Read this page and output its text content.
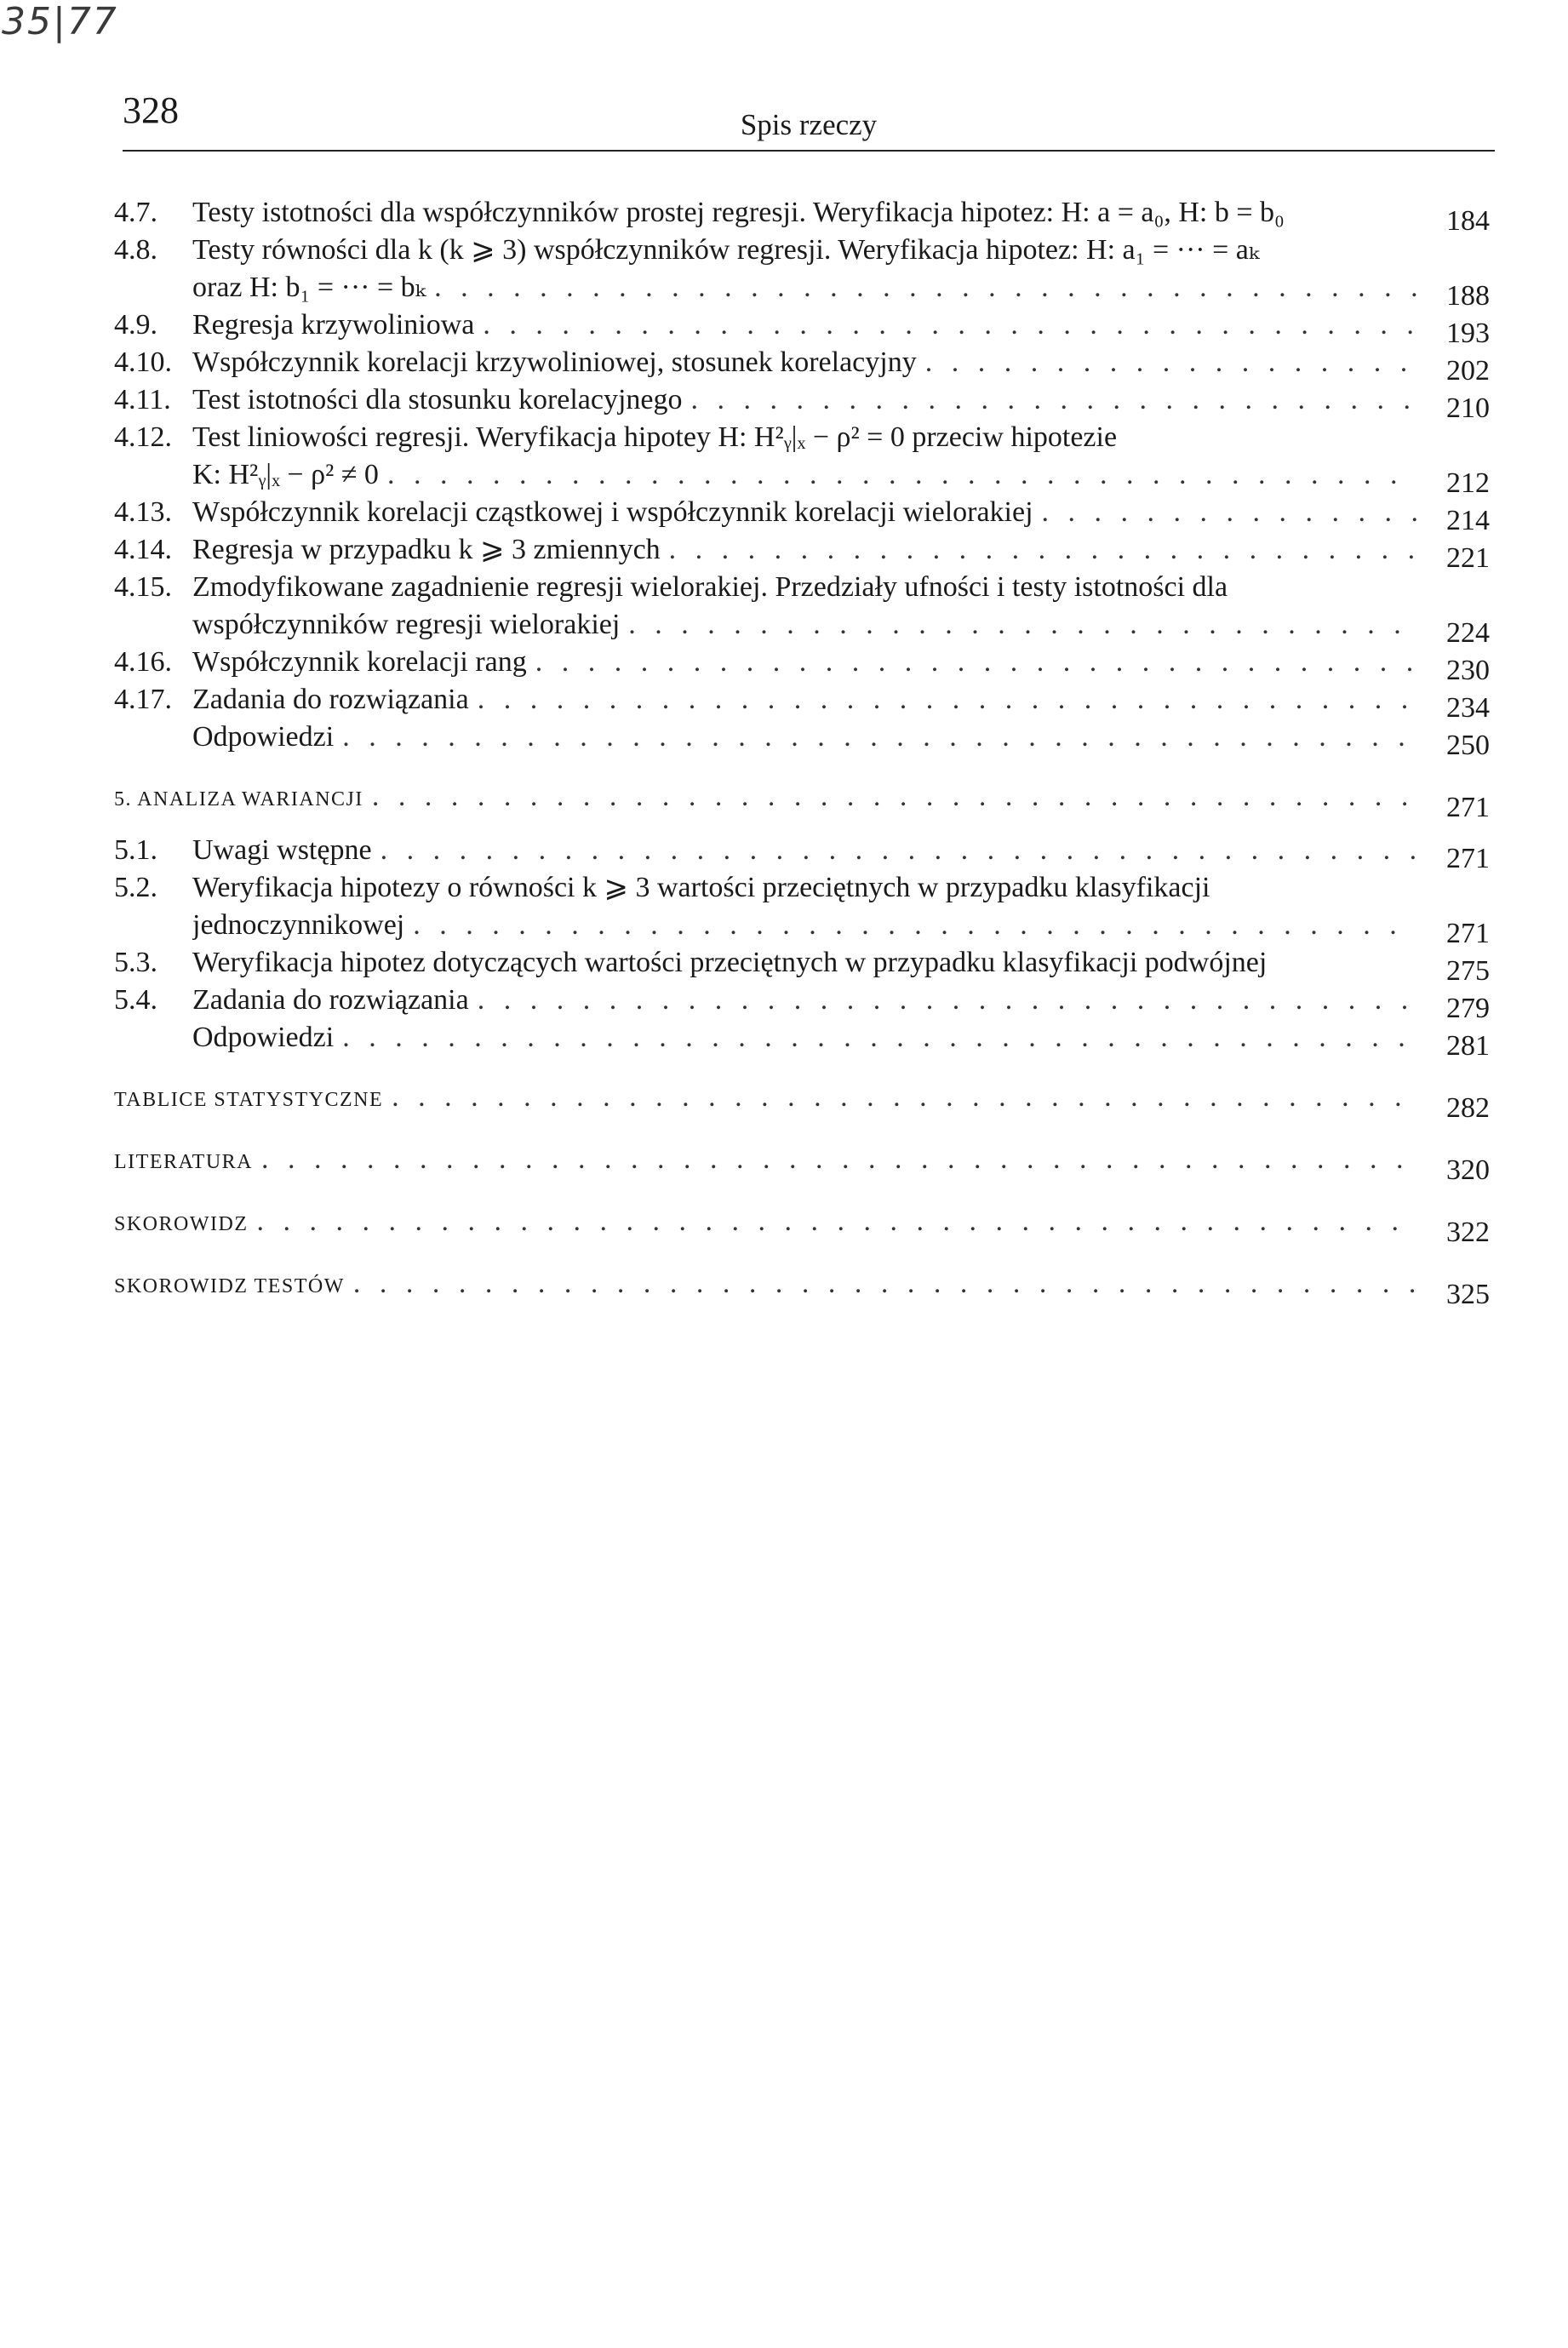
35|77
328	Spis rzeczy
4.7.	Testy istotności dla współczynników prostej regresji. Weryfikacja hipotez: H: a = a₀, H: b = b₀	184
4.8.	Testy równości dla k (k ⩾ 3) współczynników regresji. Weryfikacja hipotez: H: a₁ = ··· = aₖ
oraz H: b₁ = ··· = bₖ . . .	188
4.9.	Regresja krzywoliniowa . . .	193
4.10. Współczynnik korelacji krzywoliniowej, stosunek korelacyjny . . .	202
4.11. Test istotności dla stosunku korelacyjnego . . .	210
4.12. Test liniowości regresji. Weryfikacja hipotey H: H²ᵧ|ₓ − ρ² = 0 przeciw hipotezie
K: H²ᵧ|ₓ − ρ² ≠ 0 . . .	212
4.13. Współczynnik korelacji cząstkowej i współczynnik korelacji wielorakiej . . .	214
4.14. Regresja w przypadku k ⩾ 3 zmiennych . . .	221
4.15. Zmodyfikowane zagadnienie regresji wielorakiej. Przedziały ufności i testy istotności dla
współczynników regresji wielorakiej . . .	224
4.16. Współczynnik korelacji rang . . .	230
4.17. Zadania do rozwiązania . . .	234
Odpowiedzi . . .	250
5. ANALIZA WARIANCJI . . .	271
5.1.	Uwagi wstępne . . .	271
5.2.	Weryfikacja hipotezy o równości k ⩾ 3 wartości przeciętnych w przypadku klasyfikacji
jednoczynnikowej . . .	271
5.3.	Weryfikacja hipotez dotyczących wartości przeciętnych w przypadku klasyfikacji podwójnej	275
5.4.	Zadania do rozwiązania . . .	279
Odpowiedzi . . .	281
TABLICE STATYSTYCZNE . . .	282
LITERATURA . . .	320
SKOROWIDZ . . .	322
SKOROWIDZ TESTÓW . . .	325
